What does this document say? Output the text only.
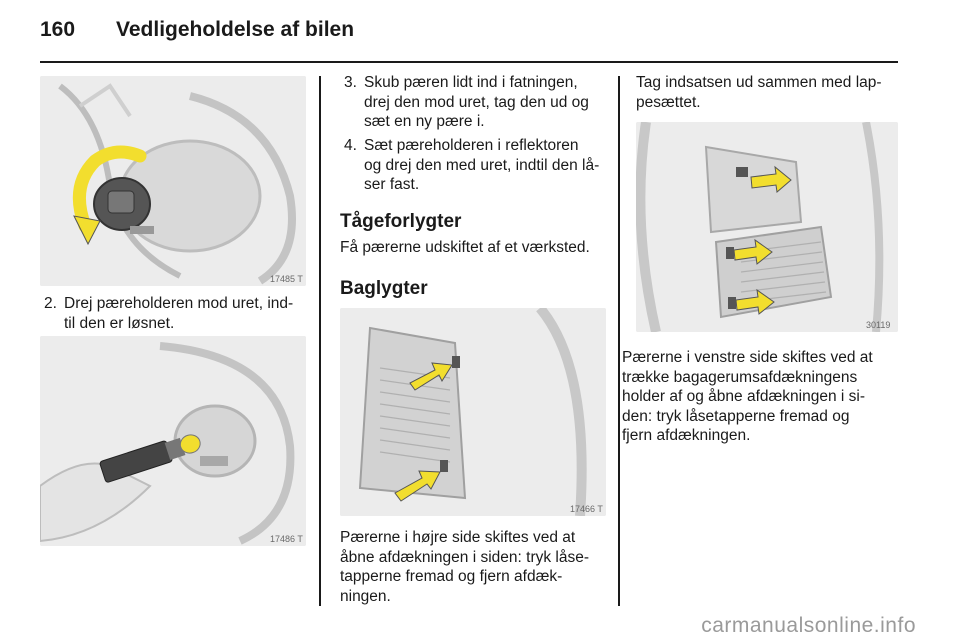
160 Vedligeholdelse af bilen
17485 T
2. Drej pæreholderen mod uret, ind-
til den er løsnet.
17486 T
3. Skub pæren lidt ind i fatningen,
drej den mod uret, tag den ud og
sæt en ny pære i.
4. Sæt pæreholderen i reflektoren
og drej den med uret, indtil den lå-
ser fast.
Tågeforlygter
Få pærerne udskiftet af et værksted.
Baglygter
17466 T
Pærerne i højre side skiftes ved at
åbne afdækningen i siden: tryk låse-
tapperne fremad og fjern afdæk-
ningen.
Tag indsatsen ud sammen med lap-
pesættet.
30119
Pærerne i venstre side skiftes ved at
trække bagagerumsafdækningens
holder af og åbne afdækningen i si-
den: tryk låsetapperne fremad og
fjern afdækningen.
carmanualsonline.info
